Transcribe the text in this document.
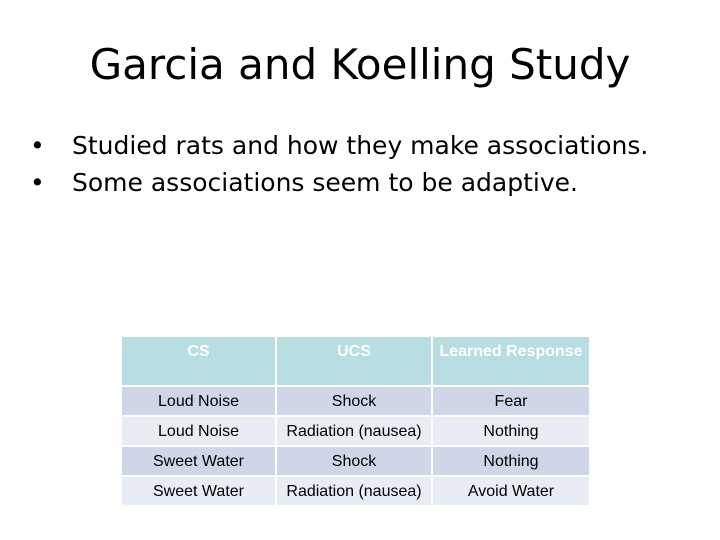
Garcia and Koelling Study
• Studied rats and how they make associations.
• Some associations seem to be adaptive.
CS	UCS	Learned Response
Loud Noise	Shock	Fear
Loud Noise	Radiation (nausea)	Nothing
Sweet Water	Shock	Nothing
Sweet Water	Radiation (nausea)	Avoid Water
